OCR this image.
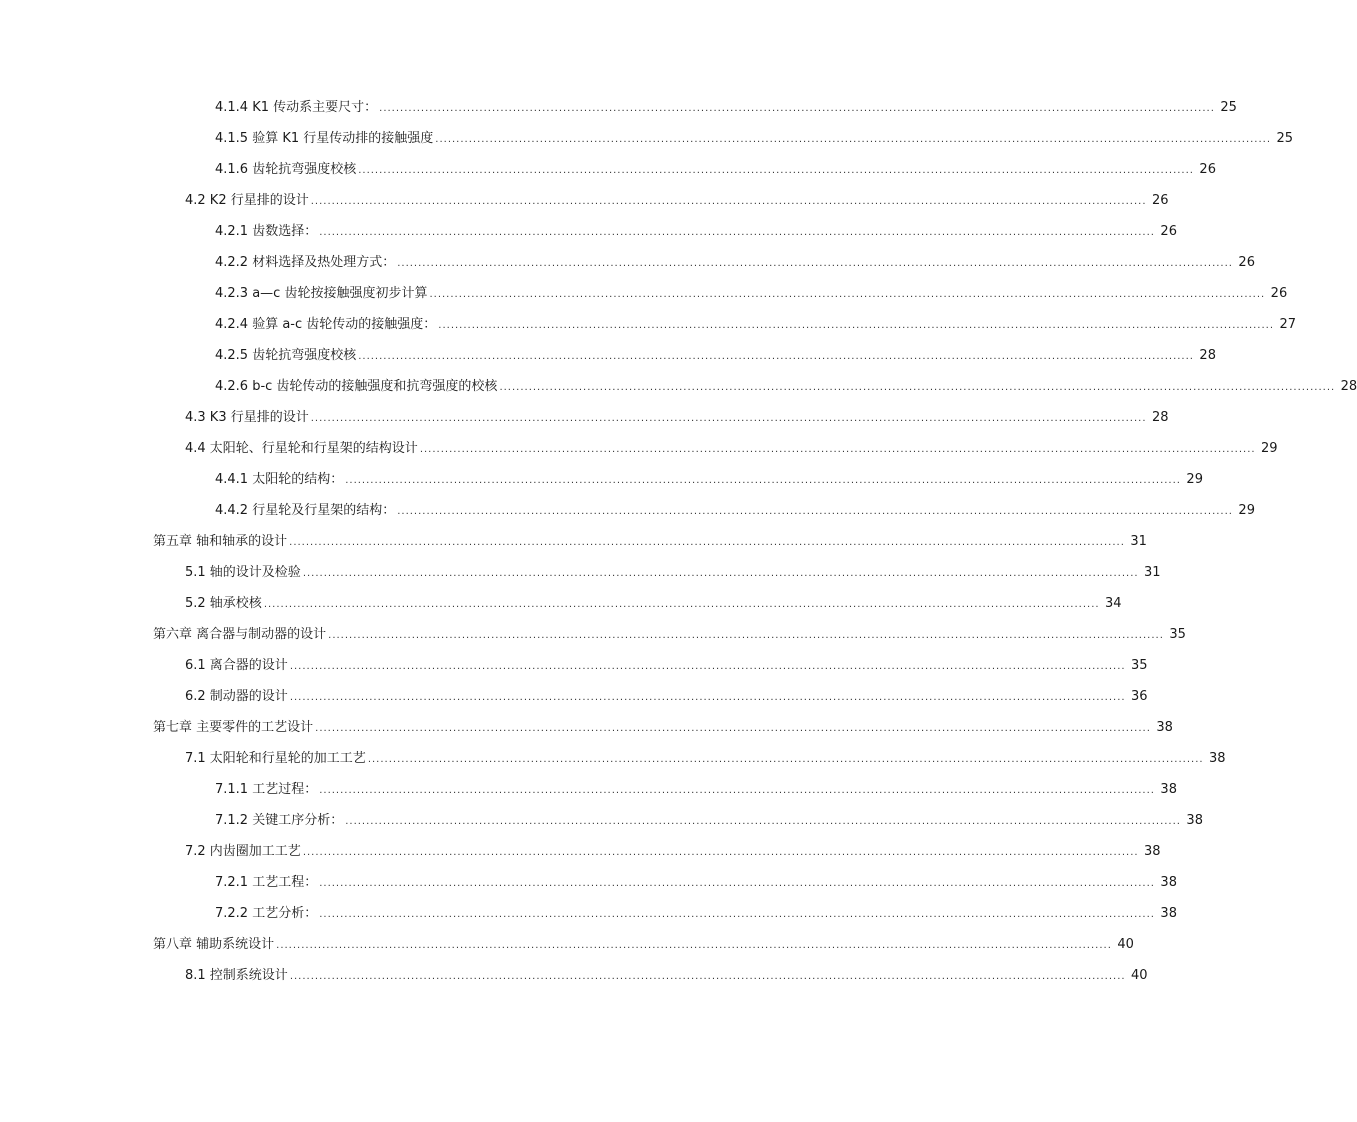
4.1.4 K1 传动系主要尺寸： ........................................................................................................................................................................................................ 25
4.1.5 验算 K1 行星传动排的接触强度 ........................................................................................................................................................................................................ 25
4.1.6 齿轮抗弯强度校核 ........................................................................................................................................................................................................ 26
4.2 K2 行星排的设计 ........................................................................................................................................................................................................ 26
4.2.1 齿数选择： ........................................................................................................................................................................................................ 26
4.2.2 材料选择及热处理方式： ........................................................................................................................................................................................................ 26
4.2.3 a—c 齿轮按接触强度初步计算 ........................................................................................................................................................................................................ 26
4.2.4 验算 a-c 齿轮传动的接触强度： ........................................................................................................................................................................................................ 27
4.2.5 齿轮抗弯强度校核 ........................................................................................................................................................................................................ 28
4.2.6 b-c 齿轮传动的接触强度和抗弯强度的校核 ........................................................................................................................................................................................................ 28
4.3 K3 行星排的设计 ........................................................................................................................................................................................................ 28
4.4 太阳轮、行星轮和行星架的结构设计 ........................................................................................................................................................................................................ 29
4.4.1 太阳轮的结构： ........................................................................................................................................................................................................ 29
4.4.2 行星轮及行星架的结构： ........................................................................................................................................................................................................ 29
第五章 轴和轴承的设计 ........................................................................................................................................................................................................ 31
5.1 轴的设计及检验 ........................................................................................................................................................................................................ 31
5.2 轴承校核 ........................................................................................................................................................................................................ 34
第六章 离合器与制动器的设计 ........................................................................................................................................................................................................ 35
6.1 离合器的设计 ........................................................................................................................................................................................................ 35
6.2 制动器的设计 ........................................................................................................................................................................................................ 36
第七章 主要零件的工艺设计 ........................................................................................................................................................................................................ 38
7.1 太阳轮和行星轮的加工工艺 ........................................................................................................................................................................................................ 38
7.1.1 工艺过程： ........................................................................................................................................................................................................ 38
7.1.2 关键工序分析： ........................................................................................................................................................................................................ 38
7.2 内齿圈加工工艺 ........................................................................................................................................................................................................ 38
7.2.1 工艺工程： ........................................................................................................................................................................................................ 38
7.2.2 工艺分析： ........................................................................................................................................................................................................ 38
第八章 辅助系统设计 ........................................................................................................................................................................................................ 40
8.1 控制系统设计 ........................................................................................................................................................................................................ 40
